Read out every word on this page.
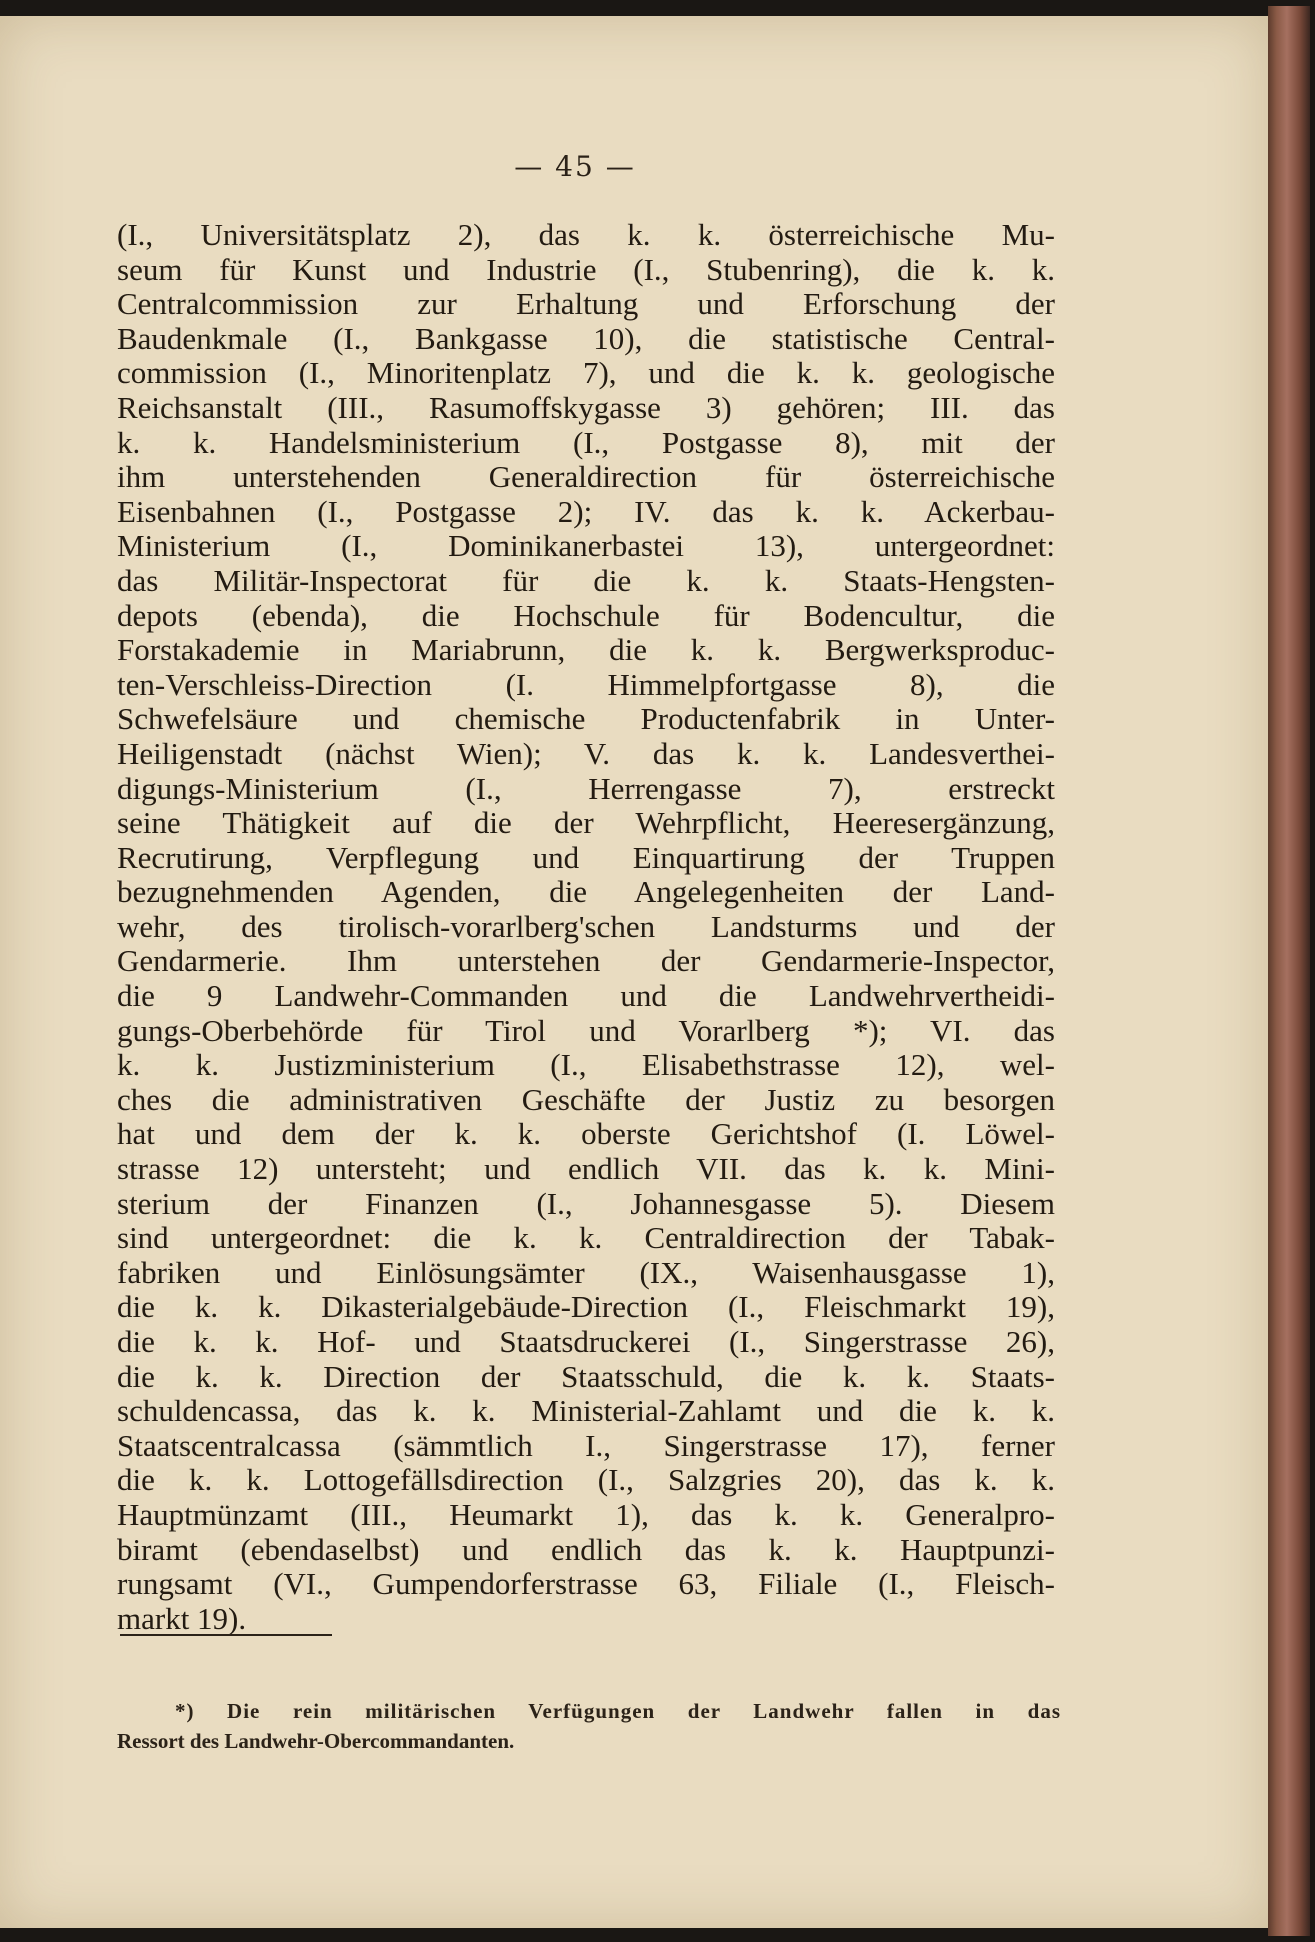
— 45 —

(I., Universitätsplatz 2), das k. k. österreichische Mu-
seum für Kunst und Industrie (I., Stubenring), die k. k.
Centralcommission zur Erhaltung und Erforschung der
Baudenkmale (I., Bankgasse 10), die statistische Central-
commission (I., Minoritenplatz 7), und die k. k. geologische
Reichsanstalt (III., Rasumoffskygasse 3) gehören; III. das
k. k. Handelsministerium (I., Postgasse 8), mit der
ihm unterstehenden Generaldirection für österreichische
Eisenbahnen (I., Postgasse 2); IV. das k. k. Ackerbau-
Ministerium (I., Dominikanerbastei 13), untergeordnet:
das Militär-Inspectorat für die k. k. Staats-Hengsten-
depots (ebenda), die Hochschule für Bodencultur, die
Forstakademie in Mariabrunn, die k. k. Bergwerksproduc-
ten-Verschleiss-Direction (I. Himmelpfortgasse 8), die
Schwefelsäure und chemische Productenfabrik in Unter-
Heiligenstadt (nächst Wien); V. das k. k. Landesverthei-
digungs-Ministerium (I., Herrengasse 7), erstreckt
seine Thätigkeit auf die der Wehrpflicht, Heeresergänzung,
Recrutirung, Verpflegung und Einquartirung der Truppen
bezugnehmenden Agenden, die Angelegenheiten der Land-
wehr, des tirolisch-vorarlberg'schen Landsturms und der
Gendarmerie. Ihm unterstehen der Gendarmerie-Inspector,
die 9 Landwehr-Commanden und die Landwehrvertheidi-
gungs-Oberbehörde für Tirol und Vorarlberg *); VI. das
k. k. Justizministerium (I., Elisabethstrasse 12), wel-
ches die administrativen Geschäfte der Justiz zu besorgen
hat und dem der k. k. oberste Gerichtshof (I. Löwel-
strasse 12) untersteht; und endlich VII. das k. k. Mini-
sterium der Finanzen (I., Johannesgasse 5). Diesem
sind untergeordnet: die k. k. Centraldirection der Tabak-
fabriken und Einlösungsämter (IX., Waisenhausgasse 1),
die k. k. Dikasterialgebäude-Direction (I., Fleischmarkt 19),
die k. k. Hof- und Staatsdruckerei (I., Singerstrasse 26),
die k. k. Direction der Staatsschuld, die k. k. Staats-
schuldencassa, das k. k. Ministerial-Zahlamt und die k. k.
Staatscentralcassa (sämmtlich I., Singerstrasse 17), ferner
die k. k. Lottogefällsdirection (I., Salzgries 20), das k. k.
Hauptmünzamt (III., Heumarkt 1), das k. k. Generalpro-
biramt (ebendaselbst) und endlich das k. k. Hauptpunzi-
rungsamt (VI., Gumpendorferstrasse 63, Filiale (I., Fleisch-
markt 19).

*) Die rein militärischen Verfügungen der Landwehr fallen in das
Ressort des Landwehr-Obercommandanten.
